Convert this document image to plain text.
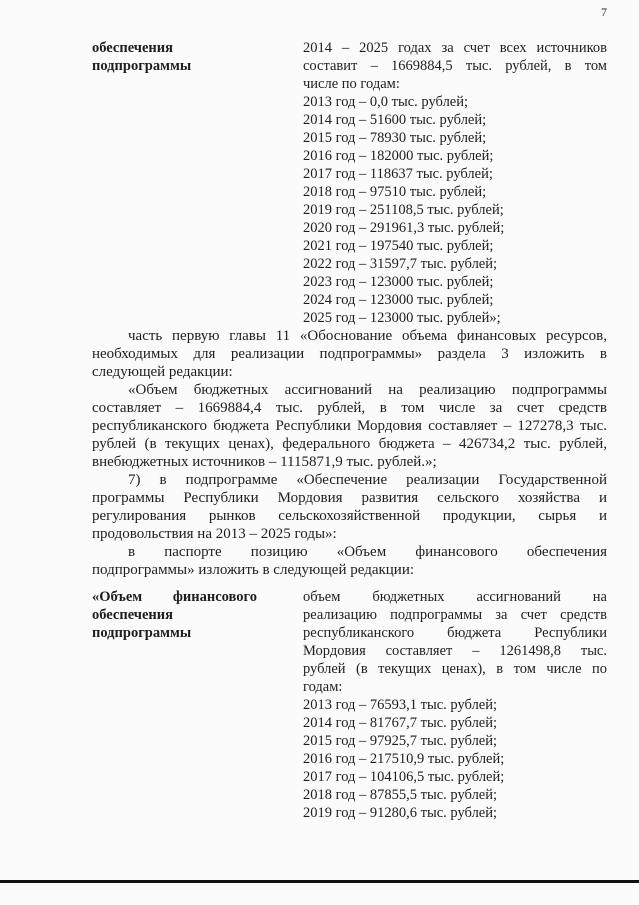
7
обеспечения
подпрограммы
2014 – 2025 годах за счет всех источников
составит – 1669884,5 тыс. рублей, в том
числе по годам:
2013 год – 0,0 тыс. рублей;
2014 год – 51600 тыс. рублей;
2015 год – 78930 тыс. рублей;
2016 год – 182000 тыс. рублей;
2017 год – 118637 тыс. рублей;
2018 год – 97510 тыс. рублей;
2019 год – 251108,5 тыс. рублей;
2020 год – 291961,3 тыс. рублей;
2021 год – 197540 тыс. рублей;
2022 год – 31597,7 тыс. рублей;
2023 год – 123000 тыс. рублей;
2024 год – 123000 тыс. рублей;
2025 год – 123000 тыс. рублей»;

часть первую главы 11 «Обоснование объема финансовых ресурсов,

необходимых для реализации подпрограммы» раздела 3 изложить в

следующей редакции:

«Объем бюджетных ассигнований на реализацию подпрограммы

составляет – 1669884,4 тыс. рублей, в том числе за счет средств

республиканского бюджета Республики Мордовия составляет – 127278,3 тыс.

рублей (в текущих ценах), федерального бюджета – 426734,2 тыс. рублей,

внебюджетных источников – 1115871,9 тыс. рублей.»;

7) в подпрограмме «Обеспечение реализации Государственной

программы Республики Мордовия развития сельского хозяйства и

регулирования рынков сельскохозяйственной продукции, сырья и

продовольствия на 2013 – 2025 годы»:

в паспорте позицию «Объем финансового обеспечения

подпрограммы» изложить в следующей редакции:

«Объем финансового
обеспечения
подпрограммы
объем бюджетных ассигнований на
реализацию подпрограммы за счет средств
республиканского бюджета Республики
Мордовия составляет – 1261498,8 тыс.
рублей (в текущих ценах), в том числе по
годам:
2013 год – 76593,1 тыс. рублей;
2014 год – 81767,7 тыс. рублей;
2015 год – 97925,7 тыс. рублей;
2016 год – 217510,9 тыс. рублей;
2017 год – 104106,5 тыс. рублей;
2018 год – 87855,5 тыс. рублей;
2019 год – 91280,6 тыс. рублей;
